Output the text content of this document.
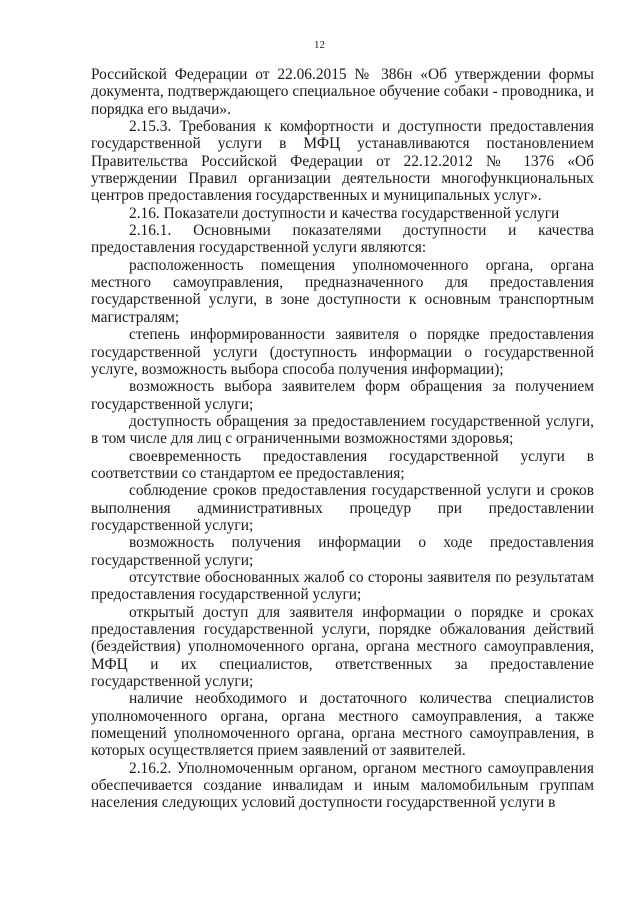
12

Российской Федерации от 22.06.2015 № 386н «Об утверждении формы документа, подтверждающего специальное обучение собаки - проводника, и порядка его выдачи».

2.15.3. Требования к комфортности и доступности предоставления государственной услуги в МФЦ устанавливаются постановлением Правительства Российской Федерации от 22.12.2012 № 1376 «Об утверждении Правил организации деятельности многофункциональных центров предоставления государственных и муниципальных услуг».

2.16. Показатели доступности и качества государственной услуги

2.16.1. Основными показателями доступности и качества предоставления государственной услуги являются:

расположенность помещения уполномоченного органа, органа местного самоуправления, предназначенного для предоставления государственной услуги, в зоне доступности к основным транспортным магистралям;

степень информированности заявителя о порядке предоставления государственной услуги (доступность информации о государственной услуге, возможность выбора способа получения информации);

возможность выбора заявителем форм обращения за получением государственной услуги;

доступность обращения за предоставлением государственной услуги, в том числе для лиц с ограниченными возможностями здоровья;

своевременность предоставления государственной услуги в соответствии со стандартом ее предоставления;

соблюдение сроков предоставления государственной услуги и сроков выполнения административных процедур при предоставлении государственной услуги;

возможность получения информации о ходе предоставления государственной услуги;

отсутствие обоснованных жалоб со стороны заявителя по результатам предоставления государственной услуги;

открытый доступ для заявителя информации о порядке и сроках предоставления государственной услуги, порядке обжалования действий (бездействия) уполномоченного органа, органа местного самоуправления, МФЦ и их специалистов, ответственных за предоставление государственной услуги;

наличие необходимого и достаточного количества специалистов уполномоченного органа, органа местного самоуправления, а также помещений уполномоченного органа, органа местного самоуправления, в которых осуществляется прием заявлений от заявителей.

2.16.2. Уполномоченным органом, органом местного самоуправления обеспечивается создание инвалидам и иным маломобильным группам населения следующих условий доступности государственной услуги в
